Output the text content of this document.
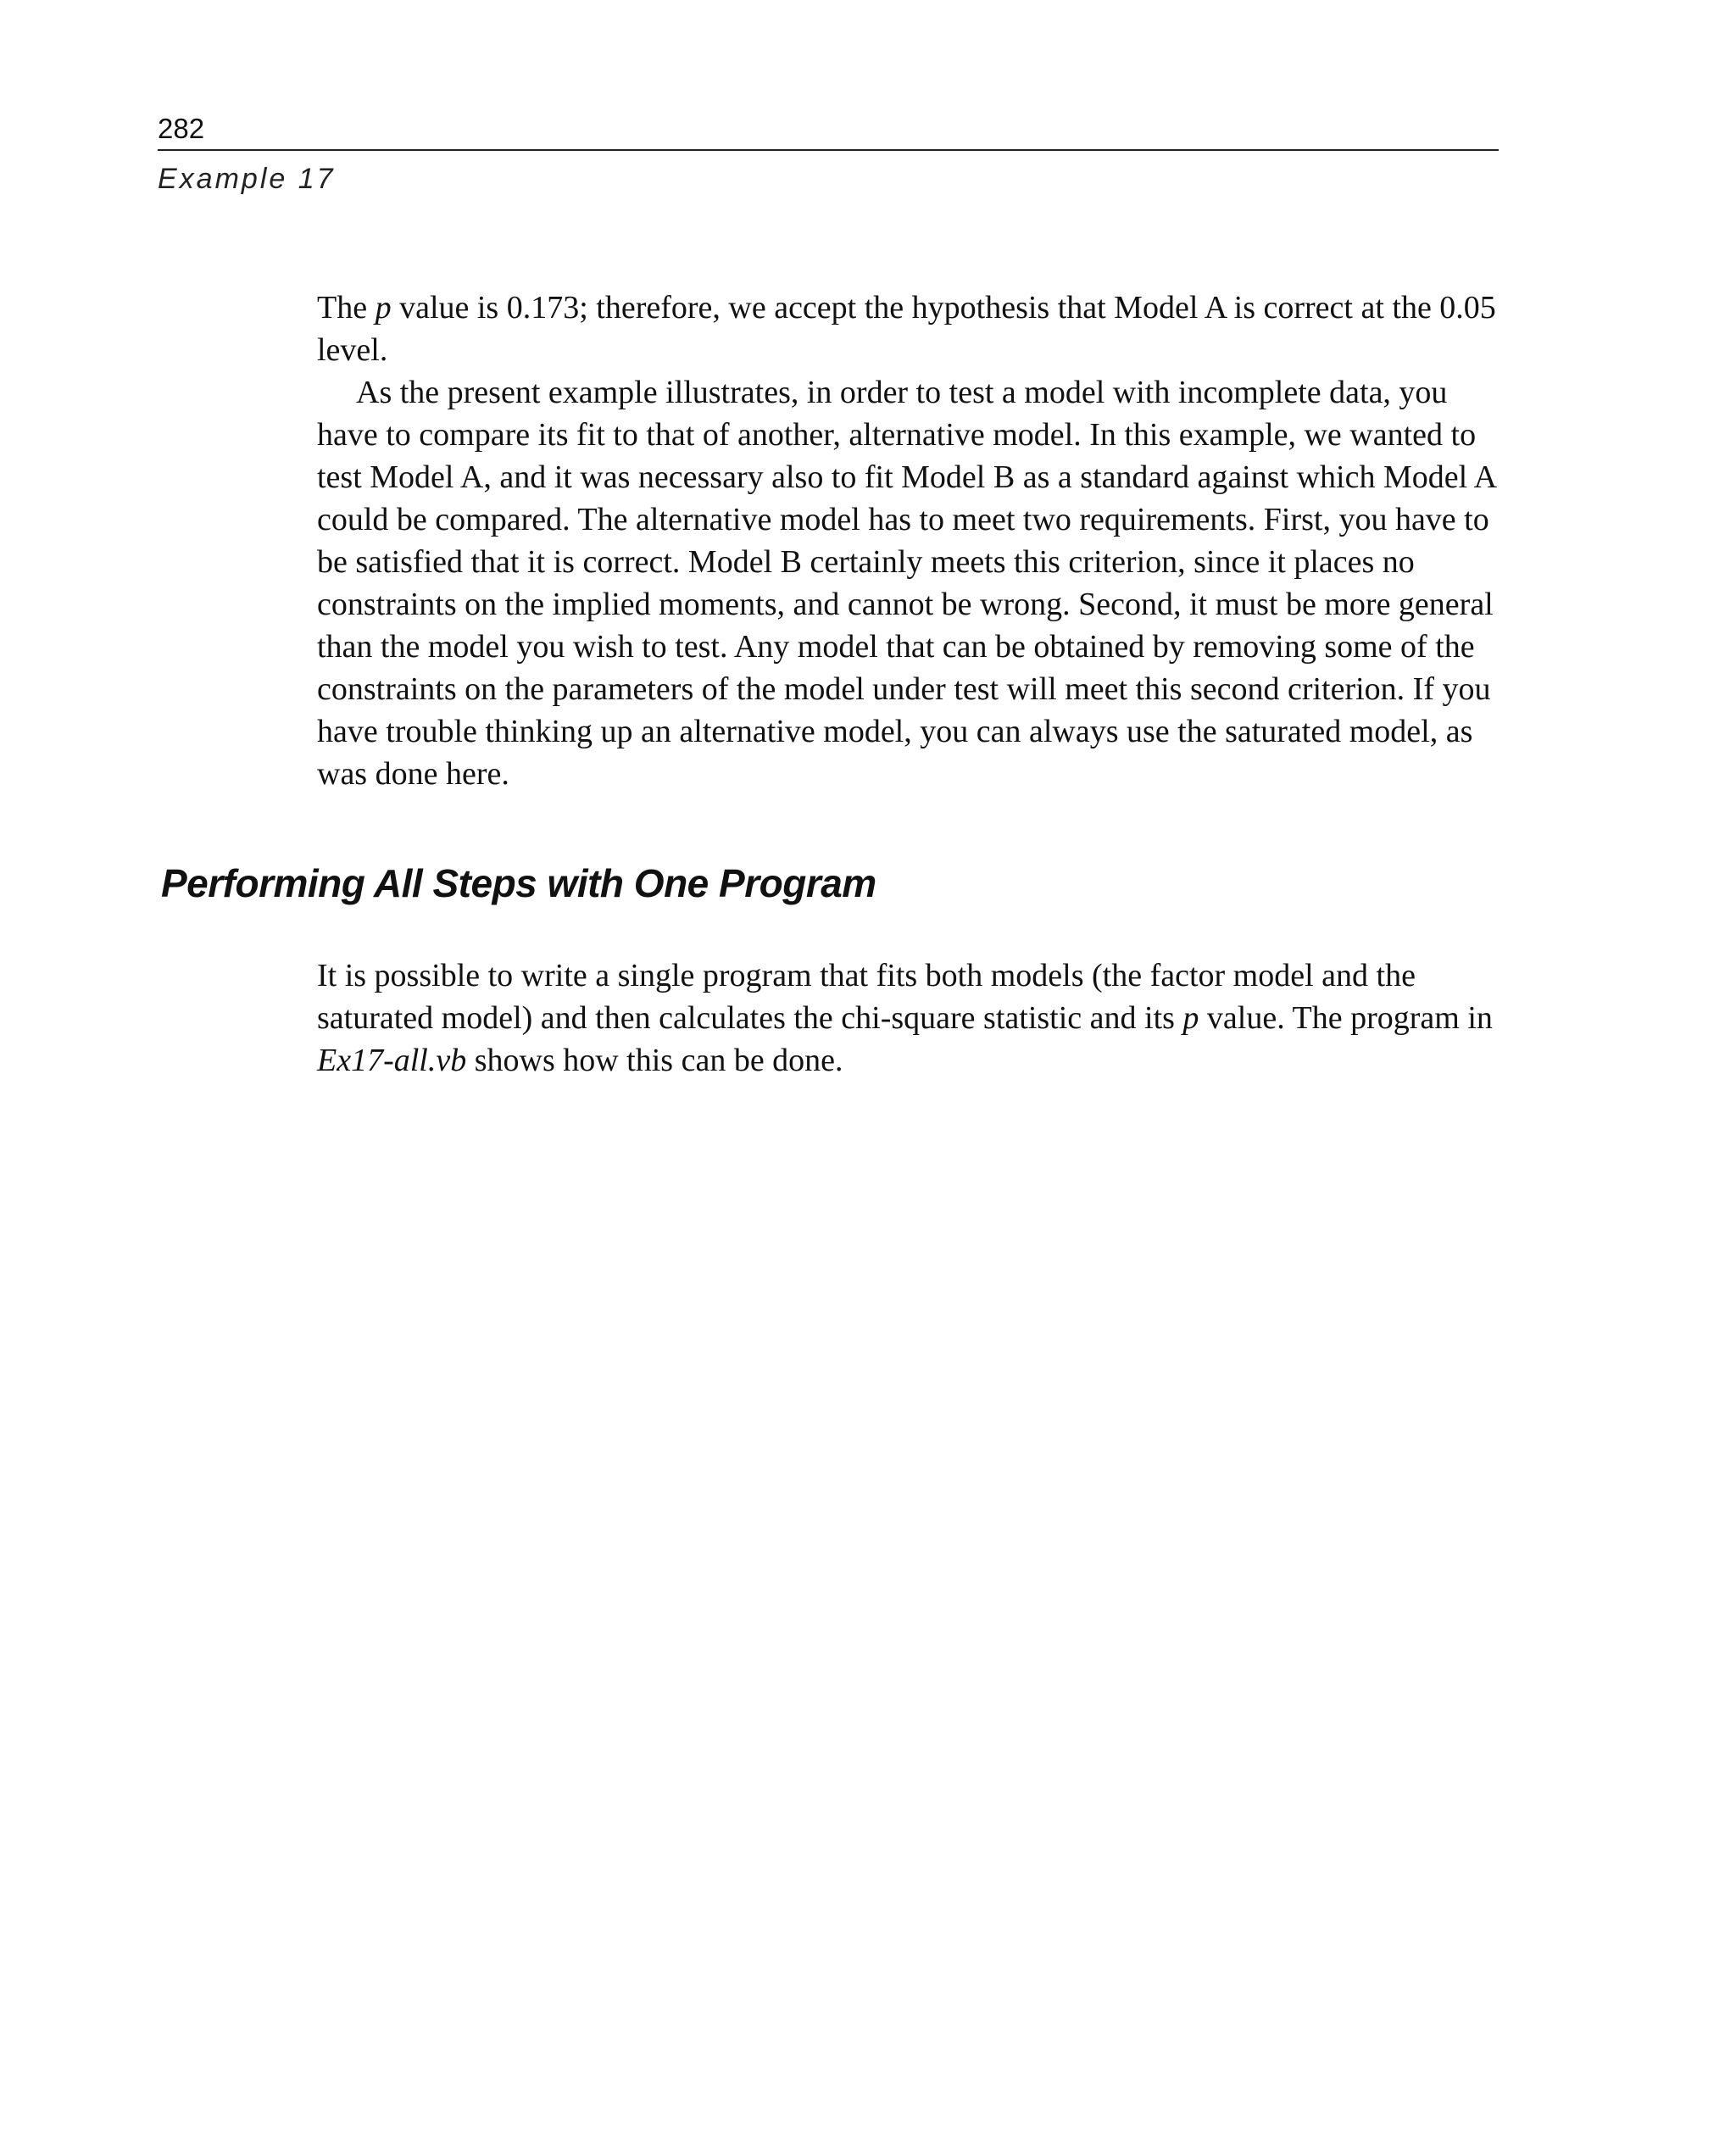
282
Example 17

The p value is 0.173; therefore, we accept the hypothesis that Model A is correct at the 0.05 level.

As the present example illustrates, in order to test a model with incomplete data, you have to compare its fit to that of another, alternative model. In this example, we wanted to test Model A, and it was necessary also to fit Model B as a standard against which Model A could be compared. The alternative model has to meet two requirements. First, you have to be satisfied that it is correct. Model B certainly meets this criterion, since it places no constraints on the implied moments, and cannot be wrong. Second, it must be more general than the model you wish to test. Any model that can be obtained by removing some of the constraints on the parameters of the model under test will meet this second criterion. If you have trouble thinking up an alternative model, you can always use the saturated model, as was done here.

Performing All Steps with One Program

It is possible to write a single program that fits both models (the factor model and the saturated model) and then calculates the chi-square statistic and its p value. The program in Ex17-all.vb shows how this can be done.
